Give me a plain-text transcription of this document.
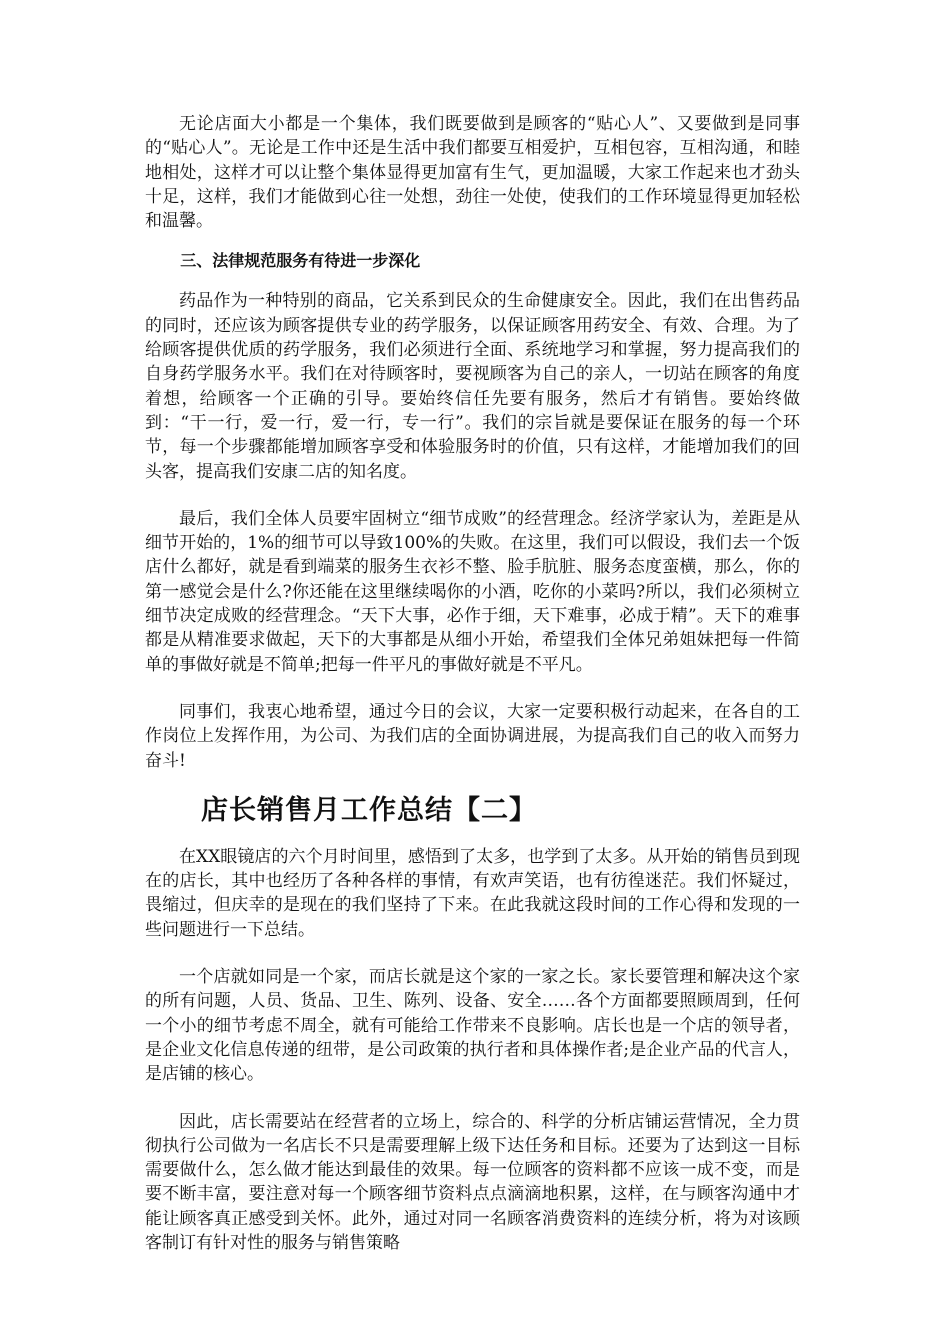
无论店面大小都是一个集体，我们既要做到是顾客的“贴心人”、又要做到是同事的“贴心人”。无论是工作中还是生活中我们都要互相爱护，互相包容，互相沟通，和睦地相处，这样才可以让整个集体显得更加富有生气，更加温暖，大家工作起来也才劲头十足，这样，我们才能做到心往一处想，劲往一处使，使我们的工作环境显得更加轻松和温馨。

三、法律规范服务有待进一步深化

药品作为一种特别的商品，它关系到民众的生命健康安全。因此，我们在出售药品的同时，还应该为顾客提供专业的药学服务，以保证顾客用药安全、有效、合理。为了给顾客提供优质的药学服务，我们必须进行全面、系统地学习和掌握，努力提高我们的自身药学服务水平。我们在对待顾客时，要视顾客为自己的亲人，一切站在顾客的角度着想，给顾客一个正确的引导。要始终信任先要有服务，然后才有销售。要始终做到：“干一行，爱一行，爱一行，专一行”。我们的宗旨就是要保证在服务的每一个环节，每一个步骤都能增加顾客享受和体验服务时的价值，只有这样，才能增加我们的回头客，提高我们安康二店的知名度。

最后，我们全体人员要牢固树立“细节成败”的经营理念。经济学家认为，差距是从细节开始的，1%的细节可以导致100%的失败。在这里，我们可以假设，我们去一个饭店什么都好，就是看到端菜的服务生衣衫不整、脸手肮脏、服务态度蛮横，那么，你的第一感觉会是什么?你还能在这里继续喝你的小酒，吃你的小菜吗?所以，我们必须树立细节决定成败的经营理念。“天下大事，必作于细，天下难事，必成于精”。天下的难事都是从精准要求做起，天下的大事都是从细小开始，希望我们全体兄弟姐妹把每一件简单的事做好就是不简单;把每一件平凡的事做好就是不平凡。

同事们，我衷心地希望，通过今日的会议，大家一定要积极行动起来，在各自的工作岗位上发挥作用，为公司、为我们店的全面协调进展，为提高我们自己的收入而努力奋斗!

店长销售月工作总结【二】

在XX眼镜店的六个月时间里，感悟到了太多，也学到了太多。从开始的销售员到现在的店长，其中也经历了各种各样的事情，有欢声笑语，也有彷徨迷茫。我们怀疑过，畏缩过，但庆幸的是现在的我们坚持了下来。在此我就这段时间的工作心得和发现的一些问题进行一下总结。

一个店就如同是一个家，而店长就是这个家的一家之长。家长要管理和解决这个家的所有问题，人员、货品、卫生、陈列、设备、安全……各个方面都要照顾周到，任何一个小的细节考虑不周全，就有可能给工作带来不良影响。店长也是一个店的领导者，是企业文化信息传递的纽带，是公司政策的执行者和具体操作者;是企业产品的代言人，是店铺的核心。

因此，店长需要站在经营者的立场上，综合的、科学的分析店铺运营情况，全力贯彻执行公司做为一名店长不只是需要理解上级下达任务和目标。还要为了达到这一目标需要做什么，怎么做才能达到最佳的效果。每一位顾客的资料都不应该一成不变，而是要不断丰富，要注意对每一个顾客细节资料点点滴滴地积累，这样，在与顾客沟通中才能让顾客真正感受到关怀。此外，通过对同一名顾客消费资料的连续分析，将为对该顾客制订有针对性的服务与销售策略
